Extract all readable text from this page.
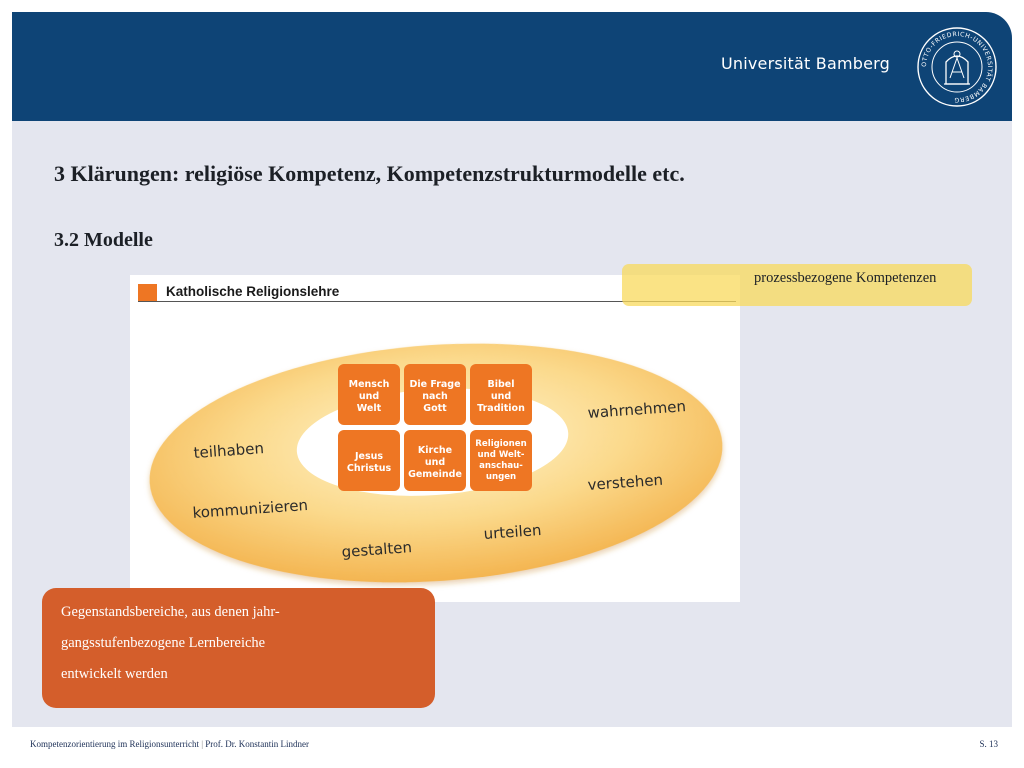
Universität Bamberg	OTTO-FRIEDRICH-UNIVERSITÄT BAMBERG
3 Klärungen: religiöse Kompetenz, Kompetenzstrukturmodelle etc.
3.2 Modelle
Katholische Religionslehre
teilhaben
kommunizieren
gestalten
urteilen
verstehen
wahrnehmen
Mensch
und
Welt
Die Frage
nach
Gott
Bibel
und
Tradition
Jesus
Christus
Kirche
und
Gemeinde
Religionen
und Welt-
anschau-
ungen
prozessbezogene Kompetenzen

Gegenstandsbereiche, aus denen jahr-
gangsstufenbezogene Lernbereiche
entwickelt werden

Kompetenzorientierung im Religionsunterricht | Prof. Dr. Konstantin Lindner	S. 13
